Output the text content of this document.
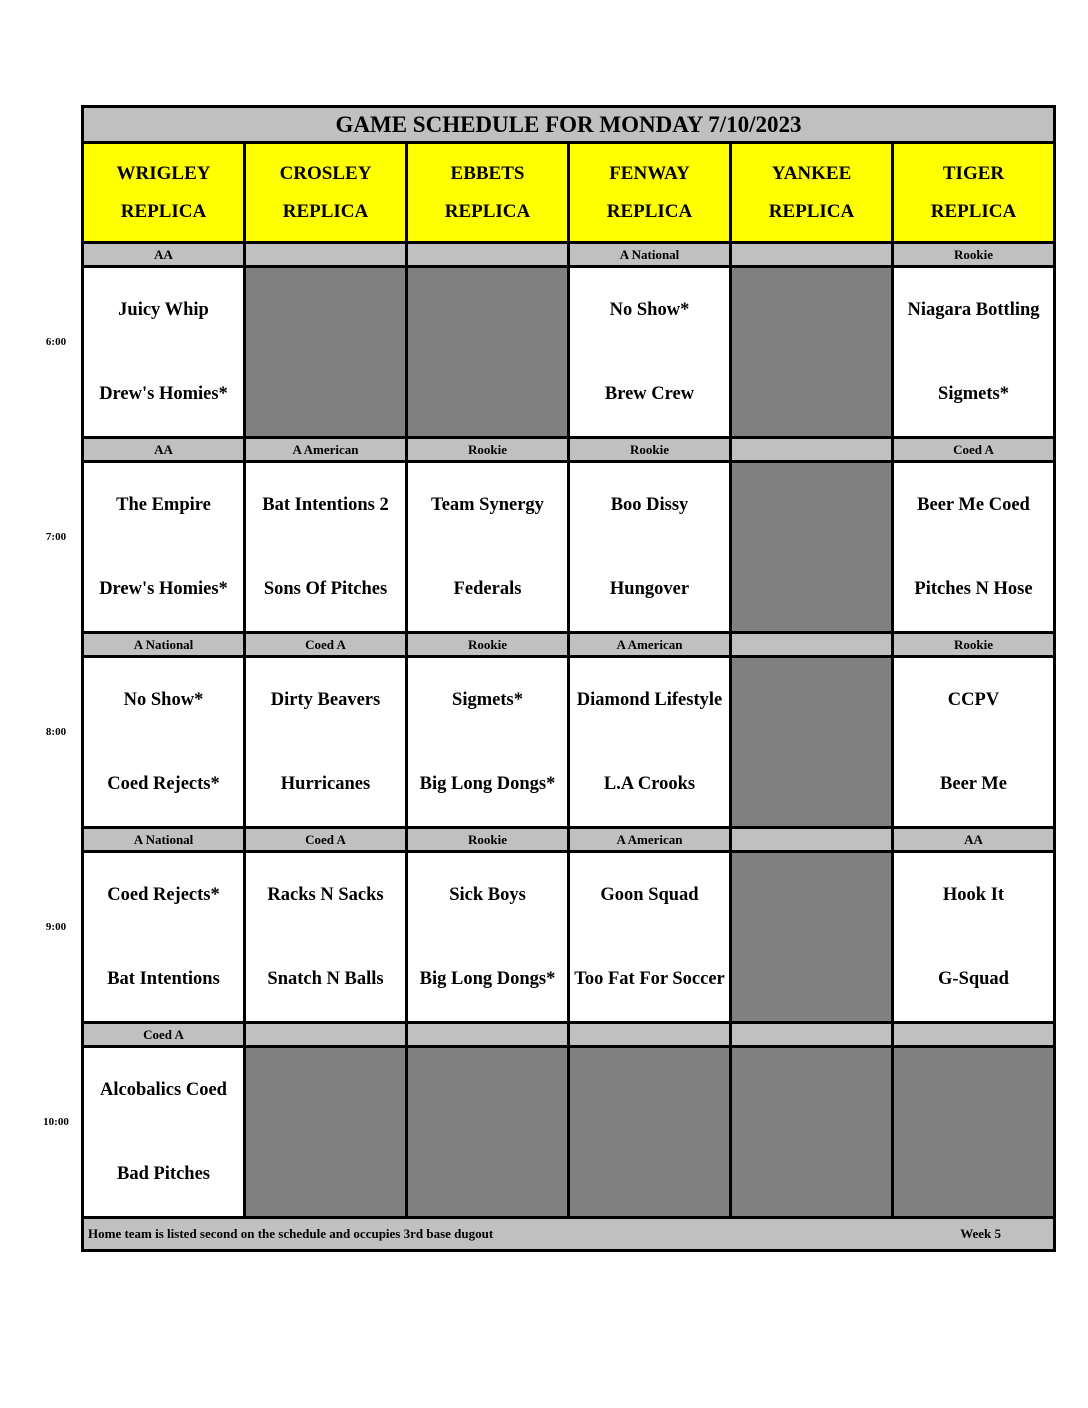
GAME SCHEDULE FOR MONDAY 7/10/2023
WRIGLEY
REPLICA
CROSLEY
REPLICA
EBBETS
REPLICA
FENWAY
REPLICA
YANKEE
REPLICA
TIGER
REPLICA
AA
Juicy Whip
Drew's Homies*
A National
No Show*
Brew Crew
Rookie
Niagara Bottling
Sigmets*
AA
The Empire
Drew's Homies*
A American
Bat Intentions 2
Sons Of Pitches
Rookie
Team Synergy
Federals
Rookie
Boo Dissy
Hungover
Coed A
Beer Me Coed
Pitches N Hose
A National
No Show*
Coed Rejects*
Coed A
Dirty Beavers
Hurricanes
Rookie
Sigmets*
Big Long Dongs*
A American
Diamond Lifestyle
L.A Crooks
Rookie
CCPV
Beer Me
A National
Coed Rejects*
Bat Intentions
Coed A
Racks N Sacks
Snatch N Balls
Rookie
Sick Boys
Big Long Dongs*
A American
Goon Squad
Too Fat For Soccer
AA
Hook It
G-Squad
Coed A
Alcobalics Coed
Bad Pitches
Home team is listed second on the schedule and occupies 3rd base dugout	Week 5
6:00
7:00
8:00
9:00
10:00
